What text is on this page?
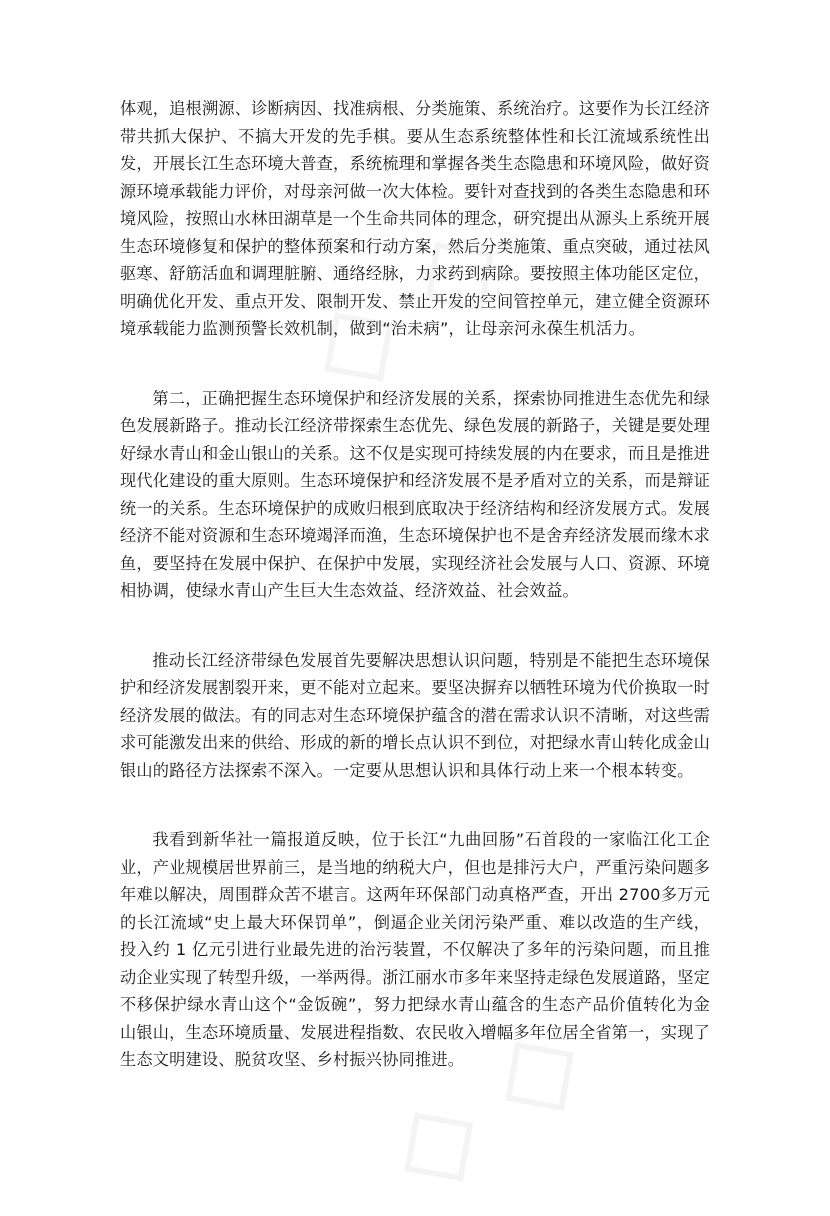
体观，追根溯源、诊断病因、找准病根、分类施策、系统治疗。这要作为长江经济带共抓大保护、不搞大开发的先手棋。要从生态系统整体性和长江流域系统性出发，开展长江生态环境大普查，系统梳理和掌握各类生态隐患和环境风险，做好资源环境承载能力评价，对母亲河做一次大体检。要针对查找到的各类生态隐患和环境风险，按照山水林田湖草是一个生命共同体的理念，研究提出从源头上系统开展生态环境修复和保护的整体预案和行动方案，然后分类施策、重点突破，通过祛风驱寒、舒筋活血和调理脏腑、通络经脉，力求药到病除。要按照主体功能区定位，明确优化开发、重点开发、限制开发、禁止开发的空间管控单元，建立健全资源环境承载能力监测预警长效机制，做到“治未病”，让母亲河永葆生机活力。

第二，正确把握生态环境保护和经济发展的关系，探索协同推进生态优先和绿色发展新路子。推动长江经济带探索生态优先、绿色发展的新路子，关键是要处理好绿水青山和金山银山的关系。这不仅是实现可持续发展的内在要求，而且是推进现代化建设的重大原则。生态环境保护和经济发展不是矛盾对立的关系，而是辩证统一的关系。生态环境保护的成败归根到底取决于经济结构和经济发展方式。发展经济不能对资源和生态环境竭泽而渔，生态环境保护也不是舍弃经济发展而缘木求鱼，要坚持在发展中保护、在保护中发展，实现经济社会发展与人口、资源、环境相协调，使绿水青山产生巨大生态效益、经济效益、社会效益。

推动长江经济带绿色发展首先要解决思想认识问题，特别是不能把生态环境保护和经济发展割裂开来，更不能对立起来。要坚决摒弃以牺牲环境为代价换取一时经济发展的做法。有的同志对生态环境保护蕴含的潜在需求认识不清晰，对这些需求可能激发出来的供给、形成的新的增长点认识不到位，对把绿水青山转化成金山银山的路径方法探索不深入。一定要从思想认识和具体行动上来一个根本转变。

我看到新华社一篇报道反映，位于长江“九曲回肠”石首段的一家临江化工企业，产业规模居世界前三，是当地的纳税大户，但也是排污大户，严重污染问题多年难以解决，周围群众苦不堪言。这两年环保部门动真格严查，开出 2700多万元的长江流域“史上最大环保罚单”，倒逼企业关闭污染严重、难以改造的生产线，投入约 1 亿元引进行业最先进的治污装置，不仅解决了多年的污染问题，而且推动企业实现了转型升级，一举两得。浙江丽水市多年来坚持走绿色发展道路，坚定不移保护绿水青山这个“金饭碗”，努力把绿水青山蕴含的生态产品价值转化为金山银山，生态环境质量、发展进程指数、农民收入增幅多年位居全省第一，实现了生态文明建设、脱贫攻坚、乡村振兴协同推进。
